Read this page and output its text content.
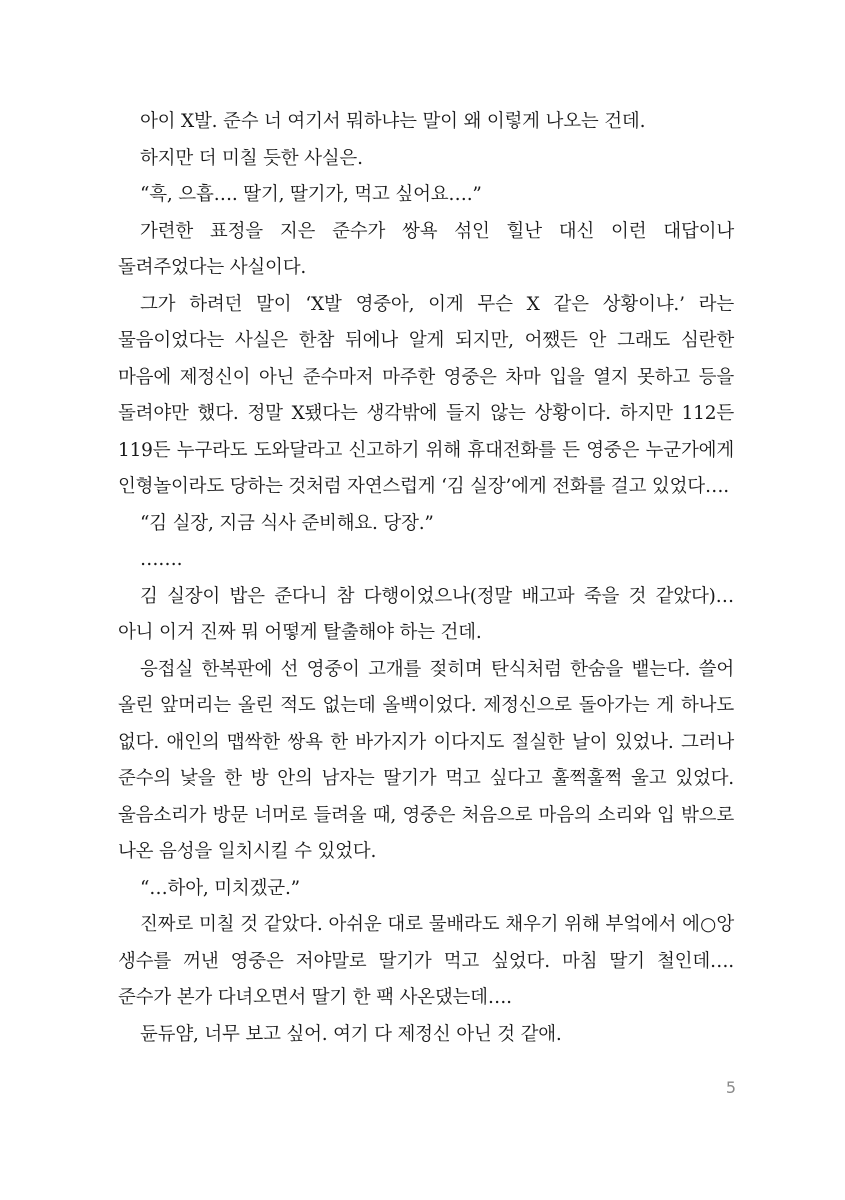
아이 X발. 준수 너 여기서 뭐하냐는 말이 왜 이렇게 나오는 건데.

하지만 더 미칠 듯한 사실은.

“흑, 으흡…. 딸기, 딸기가, 먹고 싶어요….”

가련한 표정을 지은 준수가 쌍욕 섞인 힐난 대신 이런 대답이나 돌려주었다는 사실이다.

그가 하려던 말이 ‘X발 영중아, 이게 무슨 X 같은 상황이냐.’ 라는 물음이었다는 사실은 한참 뒤에나 알게 되지만, 어쨌든 안 그래도 심란한 마음에 제정신이 아닌 준수마저 마주한 영중은 차마 입을 열지 못하고 등을 돌려야만 했다. 정말 X됐다는 생각밖에 들지 않는 상황이다. 하지만 112든 119든 누구라도 도와달라고 신고하기 위해 휴대전화를 든 영중은 누군가에게 인형놀이라도 당하는 것처럼 자연스럽게 ‘김 실장’에게 전화를 걸고 있었다….

“김 실장, 지금 식사 준비해요. 당장.”

…….

김 실장이 밥은 준다니 참 다행이었으나(정말 배고파 죽을 것 같았다)… 아니 이거 진짜 뭐 어떻게 탈출해야 하는 건데.

응접실 한복판에 선 영중이 고개를 젖히며 탄식처럼 한숨을 뱉는다. 쓸어 올린 앞머리는 올린 적도 없는데 올백이었다. 제정신으로 돌아가는 게 하나도 없다. 애인의 맵싹한 쌍욕 한 바가지가 이다지도 절실한 날이 있었나. 그러나 준수의 낯을 한 방 안의 남자는 딸기가 먹고 싶다고 훌쩍훌쩍 울고 있었다. 울음소리가 방문 너머로 들려올 때, 영중은 처음으로 마음의 소리와 입 밖으로 나온 음성을 일치시킬 수 있었다.

“…하아, 미치겠군.”

진짜로 미칠 것 같았다. 아쉬운 대로 물배라도 채우기 위해 부엌에서 에○앙 생수를 꺼낸 영중은 저야말로 딸기가 먹고 싶었다. 마침 딸기 철인데…. 준수가 본가 다녀오면서 딸기 한 팩 사온댔는데….

듄듀얌, 너무 보고 싶어. 여기 다 제정신 아닌 것 같애.

5
